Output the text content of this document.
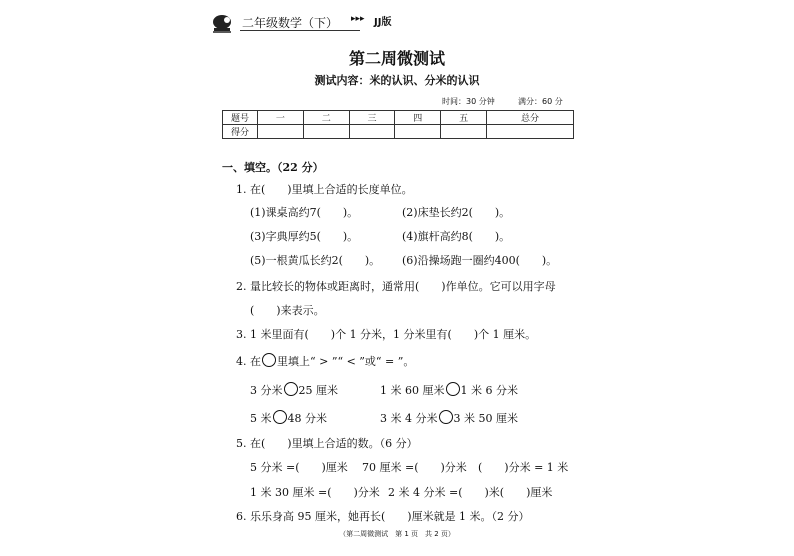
二年级数学（下） ▸▸▸ JJ版
第二周微测试
测试内容：米的认识、分米的认识
时间：30 分钟	满分：60 分
题号	一	二	三	四	五	总分
得分						
一、填空。（22 分）
1. 在(　　)里填上合适的长度单位。
(1)课桌高约7(　　)。	(2)床垫长约2(　　)。
(3)字典厚约5(　　)。	(4)旗杆高约8(　　)。
(5)一根黄瓜长约2(　　)。 (6)沿操场跑一圈约400(　　)。
2. 量比较长的物体或距离时，通常用(　　)作单位。它可以用字母
(　　)来表示。
3. 1 米里面有(　　)个 1 分米，1 分米里有(　　)个 1 厘米。
4. 在 里填上“ > ”“ < ”或“ = ”。
3 分米 25 厘米	1 米 60 厘米 1 米 6 分米
5 米 48 分米	3 米 4 分米 3 米 50 厘米
5. 在(　　)里填上合适的数。（6 分）
5 分米 =(　　)厘米 70 厘米 =(　　)分米 (　　)分米 = 1 米
1 米 30 厘米 =(　　)分米 2 米 4 分米 =(　　)米(　　)厘米
6. 乐乐身高 95 厘米，她再长(　　)厘米就是 1 米。（2 分）
（第二周微测试　第 1 页　共 2 页）
